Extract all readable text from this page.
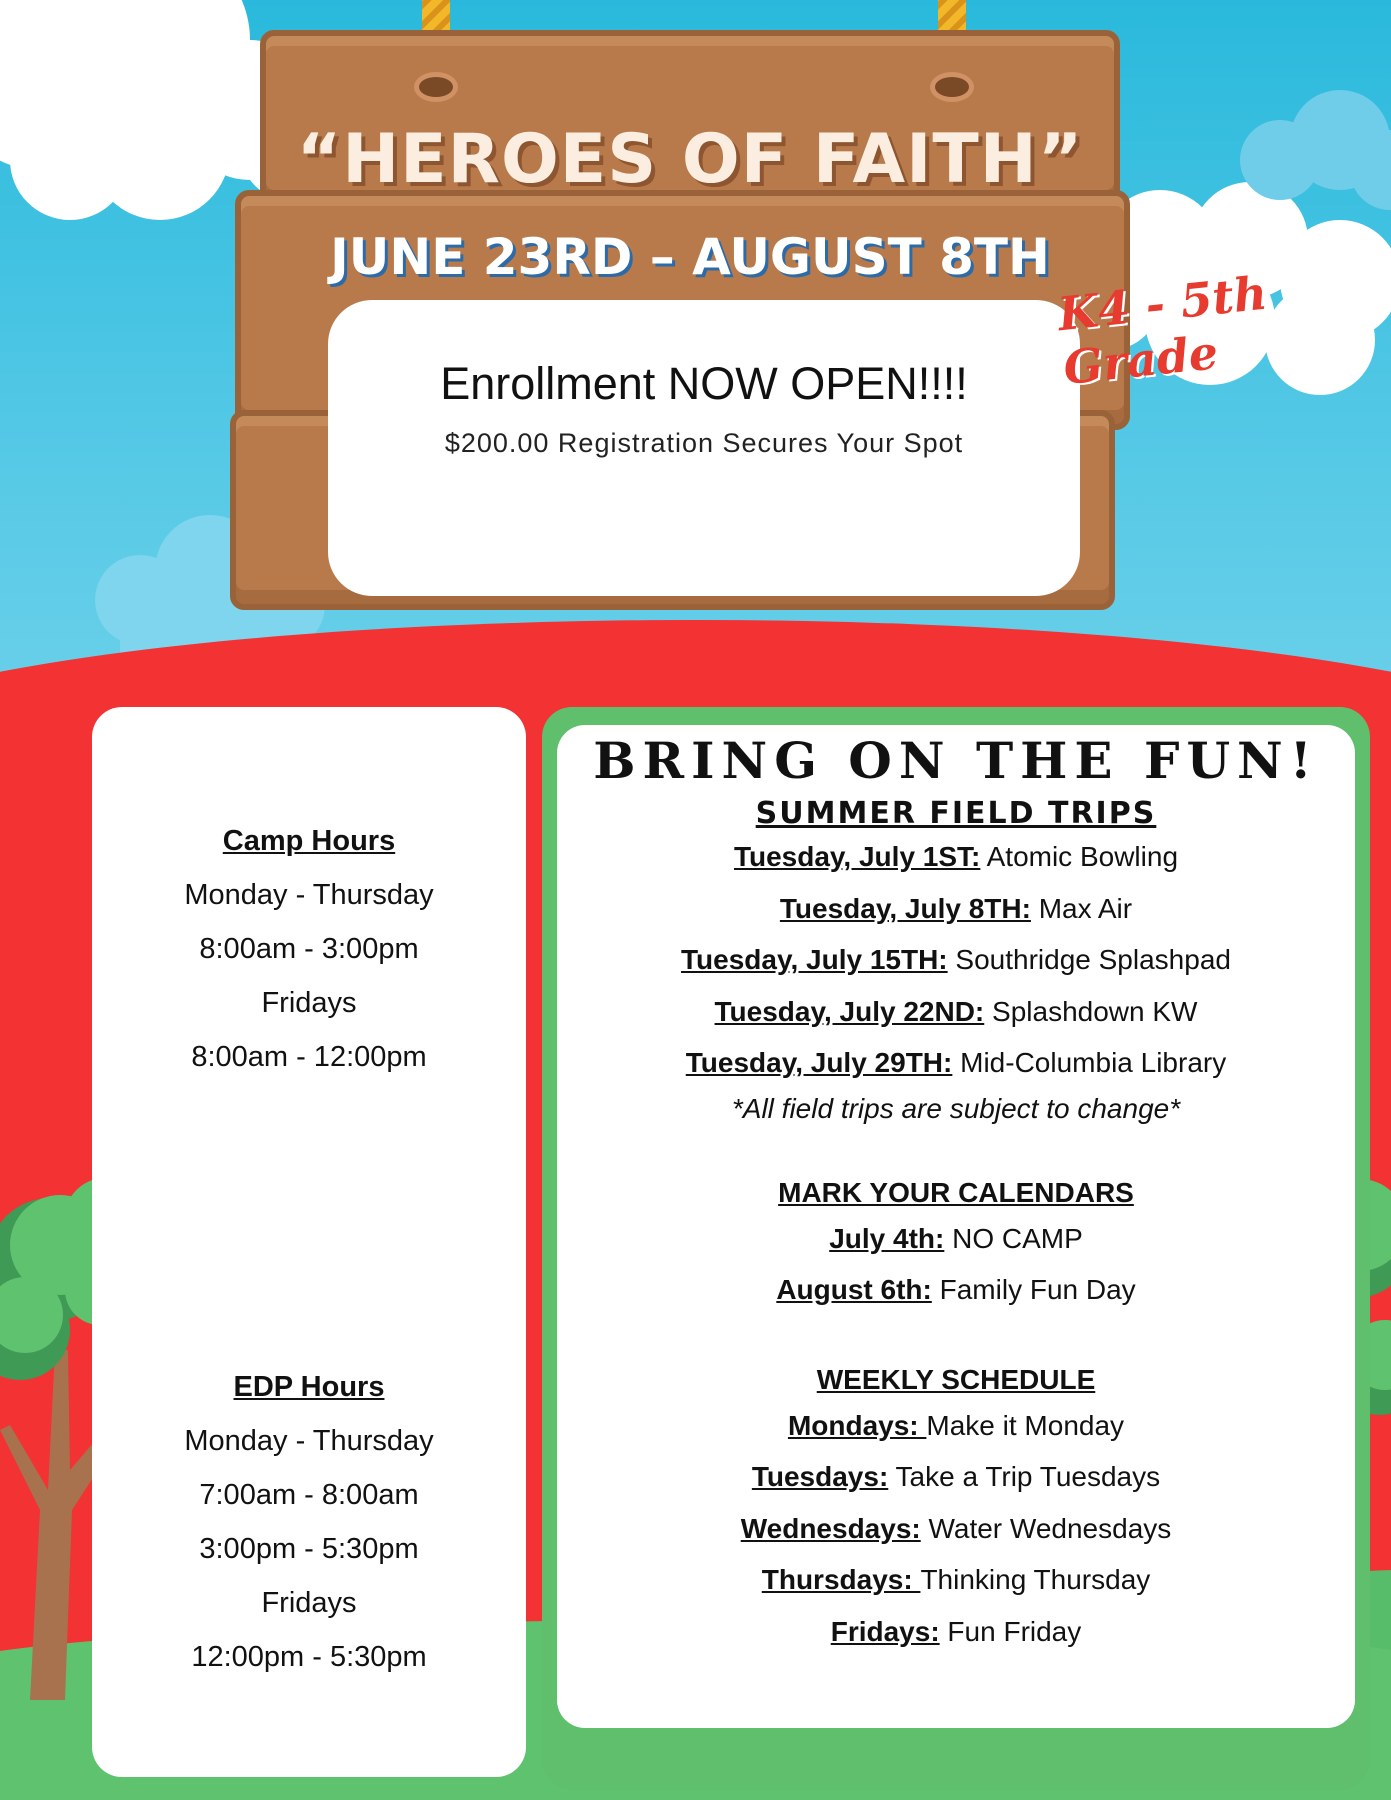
“HEROES OF FAITH”
JUNE 23RD – AUGUST 8TH
Enrollment NOW OPEN!!!!
$200.00 Registration Secures Your Spot
K4 - 5th Grade
Camp Hours
Monday - Thursday
8:00am - 3:00pm
Fridays
8:00am - 12:00pm
EDP Hours
Monday - Thursday
7:00am - 8:00am
3:00pm - 5:30pm
Fridays
12:00pm - 5:30pm
BRING ON THE FUN!
SUMMER FIELD TRIPS
Tuesday, July 1ST: Atomic Bowling
Tuesday, July 8TH: Max Air
Tuesday, July 15TH: Southridge Splashpad
Tuesday, July 22ND: Splashdown KW
Tuesday, July 29TH: Mid-Columbia Library
*All field trips are subject to change*
MARK YOUR CALENDARS
July 4th: NO CAMP
August 6th: Family Fun Day
WEEKLY SCHEDULE
Mondays: Make it Monday
Tuesdays: Take a Trip Tuesdays
Wednesdays: Water Wednesdays
Thursdays: Thinking Thursday
Fridays: Fun Friday
